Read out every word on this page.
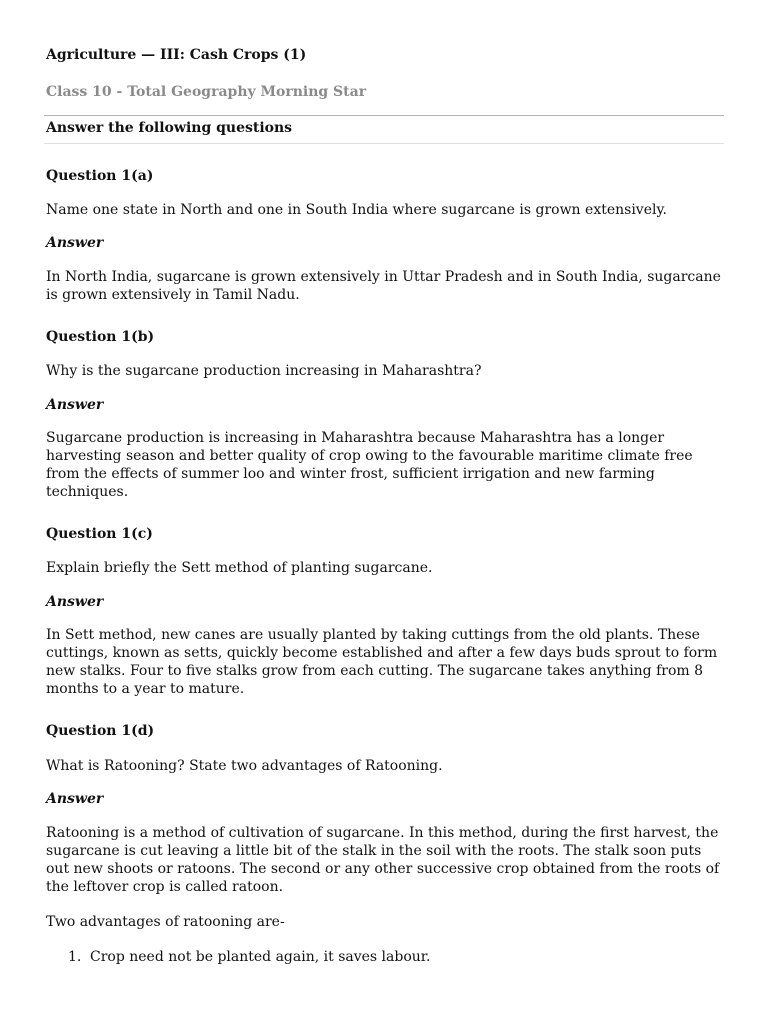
Agriculture — III: Cash Crops (1)
Class 10 - Total Geography Morning Star
Answer the following questions
Question 1(a)
Name one state in North and one in South India where sugarcane is grown extensively.
Answer
In North India, sugarcane is grown extensively in Uttar Pradesh and in South India, sugarcane is grown extensively in Tamil Nadu.
Question 1(b)
Why is the sugarcane production increasing in Maharashtra?
Answer
Sugarcane production is increasing in Maharashtra because Maharashtra has a longer harvesting season and better quality of crop owing to the favourable maritime climate free from the effects of summer loo and winter frost, sufficient irrigation and new farming techniques.
Question 1(c)
Explain briefly the Sett method of planting sugarcane.
Answer
In Sett method, new canes are usually planted by taking cuttings from the old plants. These cuttings, known as setts, quickly become established and after a few days buds sprout to form new stalks. Four to five stalks grow from each cutting. The sugarcane takes anything from 8 months to a year to mature.
Question 1(d)
What is Ratooning? State two advantages of Ratooning.
Answer
Ratooning is a method of cultivation of sugarcane. In this method, during the first harvest, the sugarcane is cut leaving a little bit of the stalk in the soil with the roots. The stalk soon puts out new shoots or ratoons. The second or any other successive crop obtained from the roots of the leftover crop is called ratoon.
Two advantages of ratooning are-
1. Crop need not be planted again, it saves labour.
